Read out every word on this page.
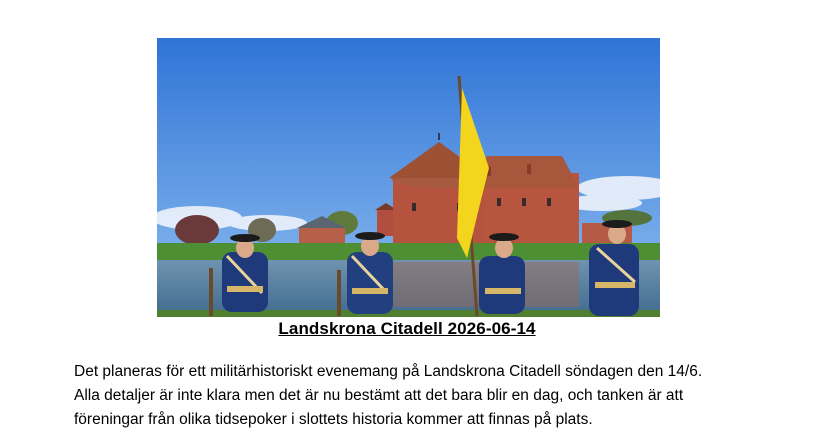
Landskrona Citadell 2026-06-14

Det planeras för ett militärhistoriskt evenemang på Landskrona Citadell söndagen den 14/6.

Alla detaljer är inte klara men det är nu bestämt att det bara blir en dag, och tanken är att

föreningar från olika tidsepoker i slottets historia kommer att finnas på plats.
